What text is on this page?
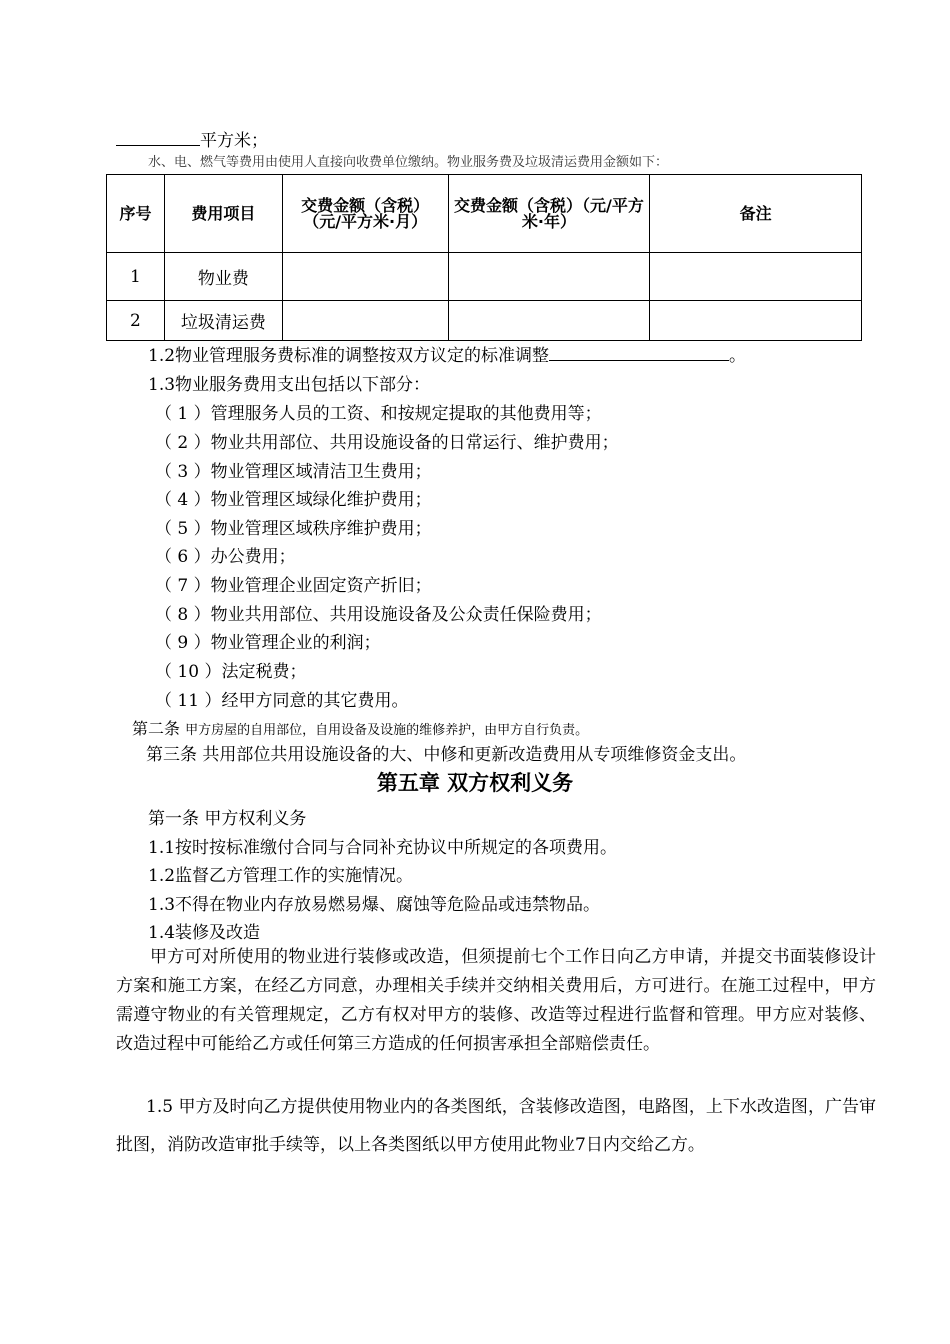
平方米；
水、电、燃气等费用由使用人直接向收费单位缴纳。物业服务费及垃圾清运费用金额如下：
序号	费用项目	交费金额（含税）（元/平方米·月）	交费金额（含税）（元/平方米·年）	备注
1	物业费			
2	垃圾清运费			
1.2物业管理服务费标准的调整按双方议定的标准调整	。
1.3物业服务费用支出包括以下部分：
（ 1 ）管理服务人员的工资、和按规定提取的其他费用等；
（ 2 ）物业共用部位、共用设施设备的日常运行、维护费用；
（ 3 ）物业管理区域清洁卫生费用；
（ 4 ）物业管理区域绿化维护费用；
（ 5 ）物业管理区域秩序维护费用；
（ 6 ）办公费用；
（ 7 ）物业管理企业固定资产折旧；
（ 8 ）物业共用部位、共用设施设备及公众责任保险费用；
（ 9 ）物业管理企业的利润；
（ 10 ）法定税费；
（ 11 ）经甲方同意的其它费用。
第二条 甲方房屋的自用部位，自用设备及设施的维修养护，由甲方自行负责。
第三条 共用部位共用设施设备的大、中修和更新改造费用从专项维修资金支出。
第五章 双方权利义务
第一条 甲方权利义务
1.1按时按标准缴付合同与合同补充协议中所规定的各项费用。
1.2监督乙方管理工作的实施情况。
1.3不得在物业内存放易燃易爆、腐蚀等危险品或违禁物品。
1.4装修及改造
甲方可对所使用的物业进行装修或改造，但须提前七个工作日向乙方申请，并提交书面装修设计方案和施工方案，在经乙方同意，办理相关手续并交纳相关费用后，方可进行。在施工过程中，甲方需遵守物业的有关管理规定，乙方有权对甲方的装修、改造等过程进行监督和管理。甲方应对装修、改造过程中可能给乙方或任何第三方造成的任何损害承担全部赔偿责任。
1.5 甲方及时向乙方提供使用物业内的各类图纸，含装修改造图，电路图，上下水改造图，广告审批图，消防改造审批手续等，以上各类图纸以甲方使用此物业7日内交给乙方。
